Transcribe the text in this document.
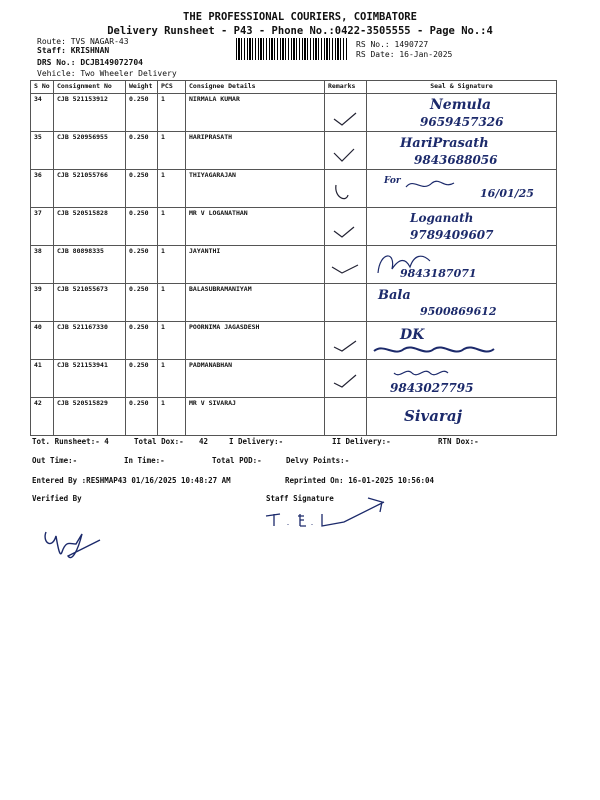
THE PROFESSIONAL COURIERS, COIMBATORE
Delivery Runsheet - P43 - Phone No.:0422-3505555 - Page No.:4
Route: TVS NAGAR-43
Staff: KRISHNAN
DRS No.: DCJB149072704
Vehicle: Two Wheeler Delivery
RS No.: 1490727
RS Date: 16-Jan-2025
S No	Consignment No	Weight	PCS	Consignee Details	Remarks	Seal & Signature
34	CJB 521153912	0.250	1	NIRMALA KUMAR		Nemula
9659457326

35	CJB 520956955	0.250	1	HARIPRASATH		HariPrasath
9843688056

36	CJB 521055766	0.250	1	THIYAGARAJAN		For
16/01/25

37	CJB 520515828	0.250	1	MR V LOGANATHAN		Loganath
9789409607

38	CJB 80898335	0.250	1	JAYANTHI		9843187071

39	CJB 521055673	0.250	1	BALASUBRAMANIYAM		Bala
9500869612

40	CJB 521167330	0.250	1	POORNIMA JAGASDESH		DK

41	CJB 521153941	0.250	1	PADMANABHAN		9843027795

42	CJB 520515829	0.250	1	MR V SIVARAJ		Sivaraj
Tot. Runsheet:- 4	Total Dox:- 42	I Delivery:-	II Delivery:-	RTN Dox:-
Out Time:-	In Time:-	Total POD:-	Delvy Points:-
Entered By :RESHMAP43 01/16/2025 10:48:27 AM	Reprinted On: 16-01-2025 10:56:04
Verified By	Staff Signature
